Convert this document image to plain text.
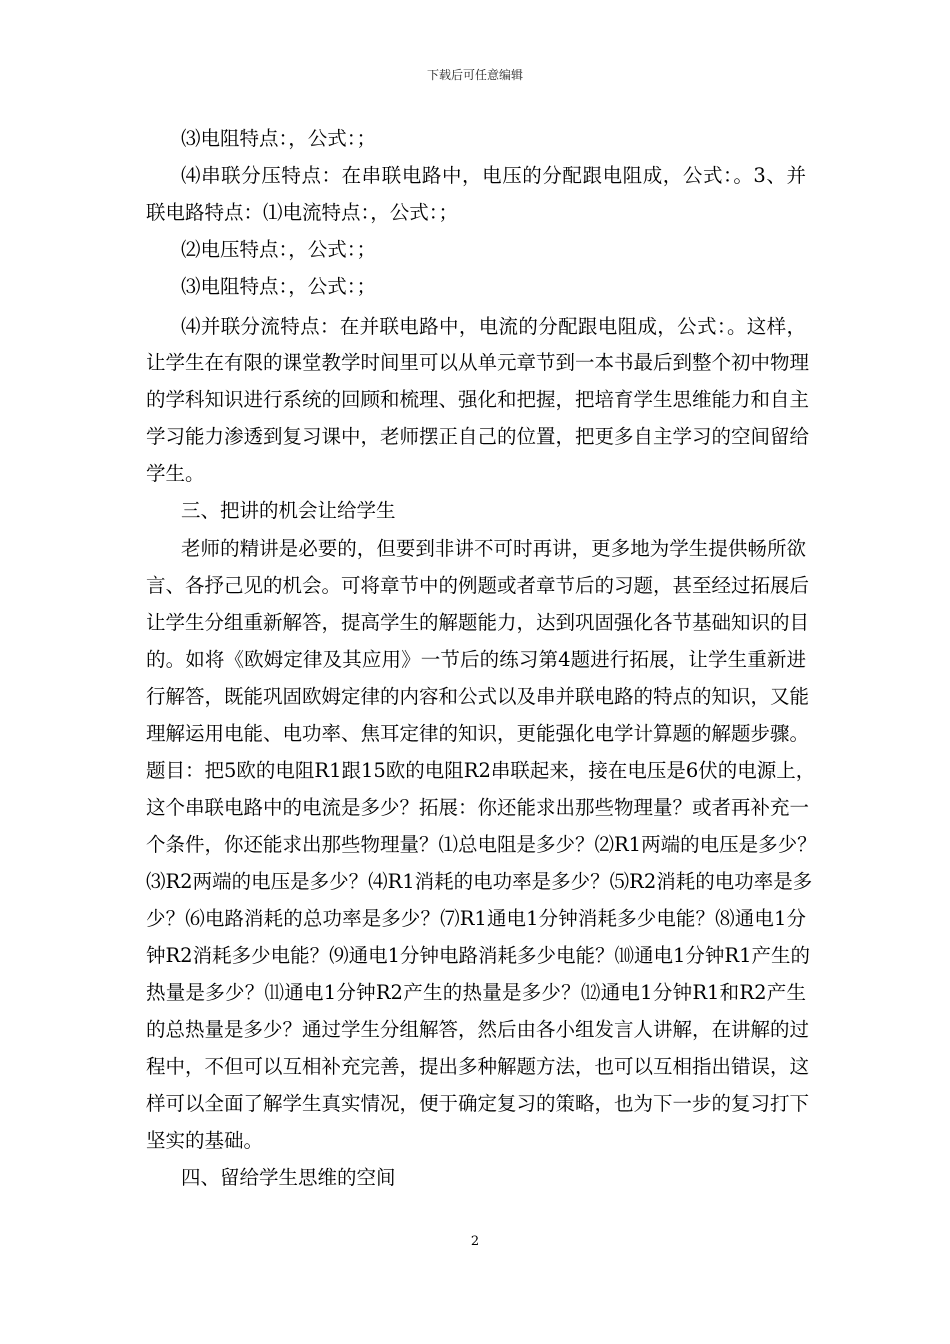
下载后可任意编辑
⑶电阻特点：，公式：；
⑷串联分压特点：在串联电路中，电压的分配跟电阻成，公式：。3、并
联电路特点：⑴电流特点：，公式：；
⑵电压特点：，公式：；
⑶电阻特点：，公式：；
⑷并联分流特点：在并联电路中，电流的分配跟电阻成，公式：。这样，
让学生在有限的课堂教学时间里可以从单元章节到一本书最后到整个初中物理
的学科知识进行系统的回顾和梳理、强化和把握，把培育学生思维能力和自主
学习能力渗透到复习课中，老师摆正自己的位置，把更多自主学习的空间留给
学生。
三、把讲的机会让给学生
老师的精讲是必要的，但要到非讲不可时再讲，更多地为学生提供畅所欲
言、各抒己见的机会。可将章节中的例题或者章节后的习题，甚至经过拓展后
让学生分组重新解答，提高学生的解题能力，达到巩固强化各节基础知识的目
的。如将《欧姆定律及其应用》一节后的练习第4题进行拓展，让学生重新进
行解答，既能巩固欧姆定律的内容和公式以及串并联电路的特点的知识，又能
理解运用电能、电功率、焦耳定律的知识，更能强化电学计算题的解题步骤。
题目：把5欧的电阻R1跟15欧的电阻R2串联起来，接在电压是6伏的电源上，
这个串联电路中的电流是多少？拓展：你还能求出那些物理量？或者再补充一
个条件，你还能求出那些物理量？⑴总电阻是多少？⑵R1两端的电压是多少？
⑶R2两端的电压是多少？⑷R1消耗的电功率是多少？⑸R2消耗的电功率是多
少？⑹电路消耗的总功率是多少？⑺R1通电1分钟消耗多少电能？⑻通电1分
钟R2消耗多少电能？⑼通电1分钟电路消耗多少电能？⑽通电1分钟R1产生的
热量是多少？⑾通电1分钟R2产生的热量是多少？⑿通电1分钟R1和R2产生
的总热量是多少？通过学生分组解答，然后由各小组发言人讲解，在讲解的过
程中，不但可以互相补充完善，提出多种解题方法，也可以互相指出错误，这
样可以全面了解学生真实情况，便于确定复习的策略，也为下一步的复习打下
坚实的基础。
四、留给学生思维的空间
2
